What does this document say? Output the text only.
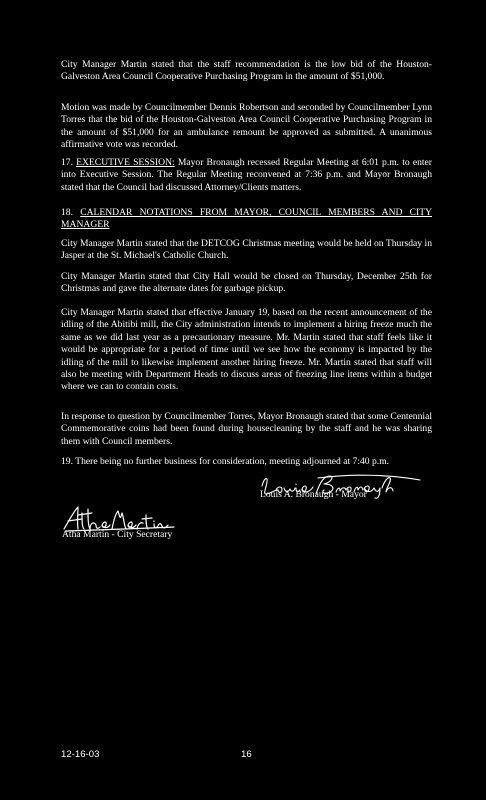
City Manager Martin stated that the staff recommendation is the low bid of the Houston-Galveston Area Council Cooperative Purchasing Program in the amount of $51,000.

Motion was made by Councilmember Dennis Robertson and seconded by Councilmember Lynn Torres that the bid of the Houston-Galveston Area Council Cooperative Purchasing Program in the amount of $51,000 for an ambulance remount be approved as submitted. A unanimous affirmative vote was recorded.

17. EXECUTIVE SESSION: Mayor Bronaugh recessed Regular Meeting at 6:01 p.m. to enter into Executive Session. The Regular Meeting reconvened at 7:36 p.m. and Mayor Bronaugh stated that the Council had discussed Attorney/Clients matters.

18. CALENDAR NOTATIONS FROM MAYOR, COUNCIL MEMBERS AND CITY MANAGER

City Manager Martin stated that the DETCOG Christmas meeting would be held on Thursday in Jasper at the St. Michael's Catholic Church.

City Manager Martin stated that City Hall would be closed on Thursday, December 25th for Christmas and gave the alternate dates for garbage pickup.

City Manager Martin stated that effective January 19, based on the recent announcement of the idling of the Abitibi mill, the City administration intends to implement a hiring freeze much the same as we did last year as a precautionary measure. Mr. Martin stated that staff feels like it would be appropriate for a period of time until we see how the economy is impacted by the idling of the mill to likewise implement another hiring freeze. Mr. Martin stated that staff will also be meeting with Department Heads to discuss areas of freezing line items within a budget where we can to contain costs.

In response to question by Councilmember Torres, Mayor Bronaugh stated that some Centennial Commemorative coins had been found during housecleaning by the staff and he was sharing them with Council members.

19. There being no further business for consideration, meeting adjourned at 7:40 p.m.

Louis A. Bronaugh - Mayor
Atha Martin - City Secretary
12-16-03	16
